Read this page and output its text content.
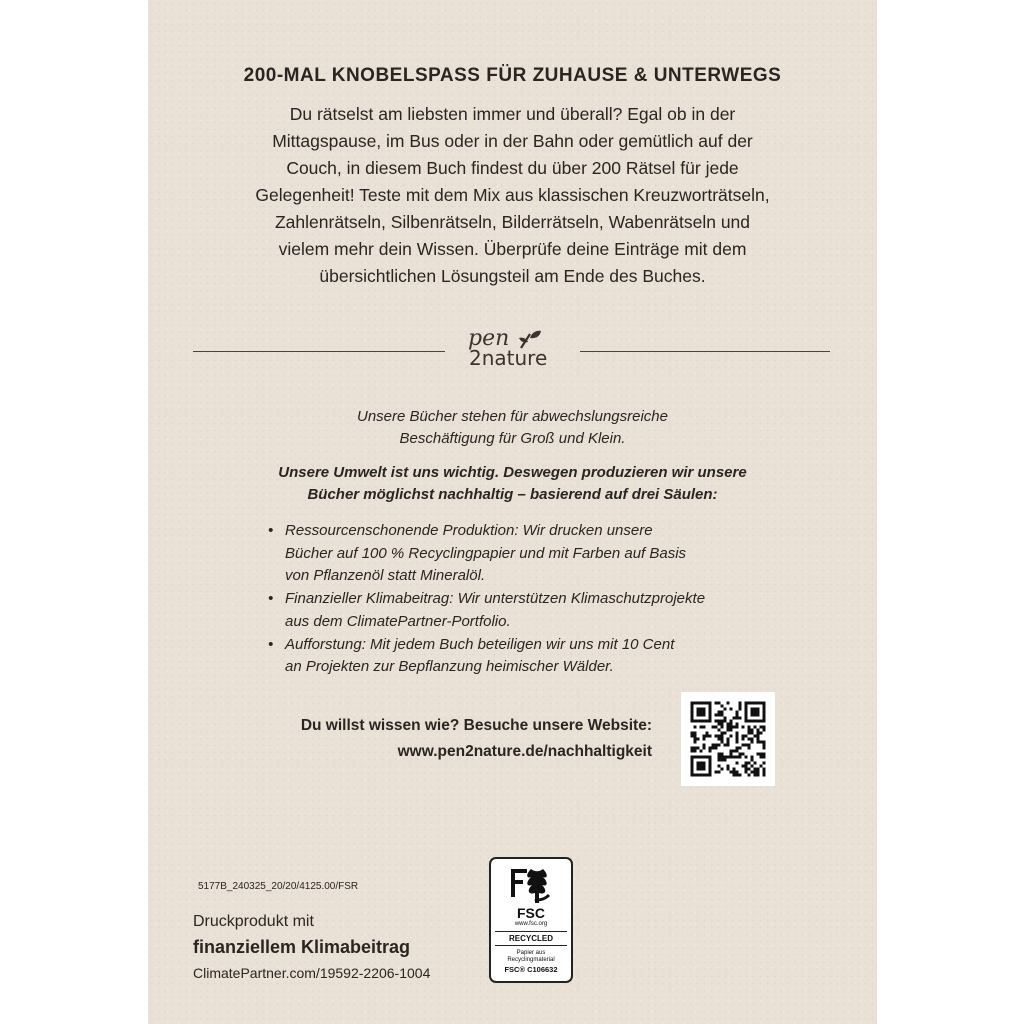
200-MAL KNOBELSPASS FÜR ZUHAUSE & UNTERWEGS
Du rätselst am liebsten immer und überall? Egal ob in der
Mittagspause, im Bus oder in der Bahn oder gemütlich auf der
Couch, in diesem Buch findest du über 200 Rätsel für jede
Gelegenheit! Teste mit dem Mix aus klassischen Kreuzworträtseln,
Zahlenrätseln, Silbenrätseln, Bilderrätseln, Wabenrätseln und
vielem mehr dein Wissen. Überprüfe deine Einträge mit dem
übersichtlichen Lösungsteil am Ende des Buches.
pen
2nature
Unsere Bücher stehen für abwechslungsreiche
Beschäftigung für Groß und Klein.
Unsere Umwelt ist uns wichtig. Deswegen produzieren wir unsere
Bücher möglichst nachhaltig – basierend auf drei Säulen:
• Ressourcenschonende Produktion: Wir drucken unsere
Bücher auf 100 % Recyclingpapier und mit Farben auf Basis
von Pflanzenöl statt Mineralöl.
• Finanzieller Klimabeitrag: Wir unterstützen Klimaschutzprojekte
aus dem ClimatePartner-Portfolio.
• Aufforstung: Mit jedem Buch beteiligen wir uns mit 10 Cent
an Projekten zur Bepflanzung heimischer Wälder.
Du willst wissen wie? Besuche unsere Website:
www.pen2nature.de/nachhaltigkeit
5177B_240325_20/20/4125.00/FSR
Druckprodukt mit
finanziellem Klimabeitrag
ClimatePartner.com/19592-2206-1004
FSC
www.fsc.org
RECYCLED
Papier aus
Recyclingmaterial
FSC® C106632
